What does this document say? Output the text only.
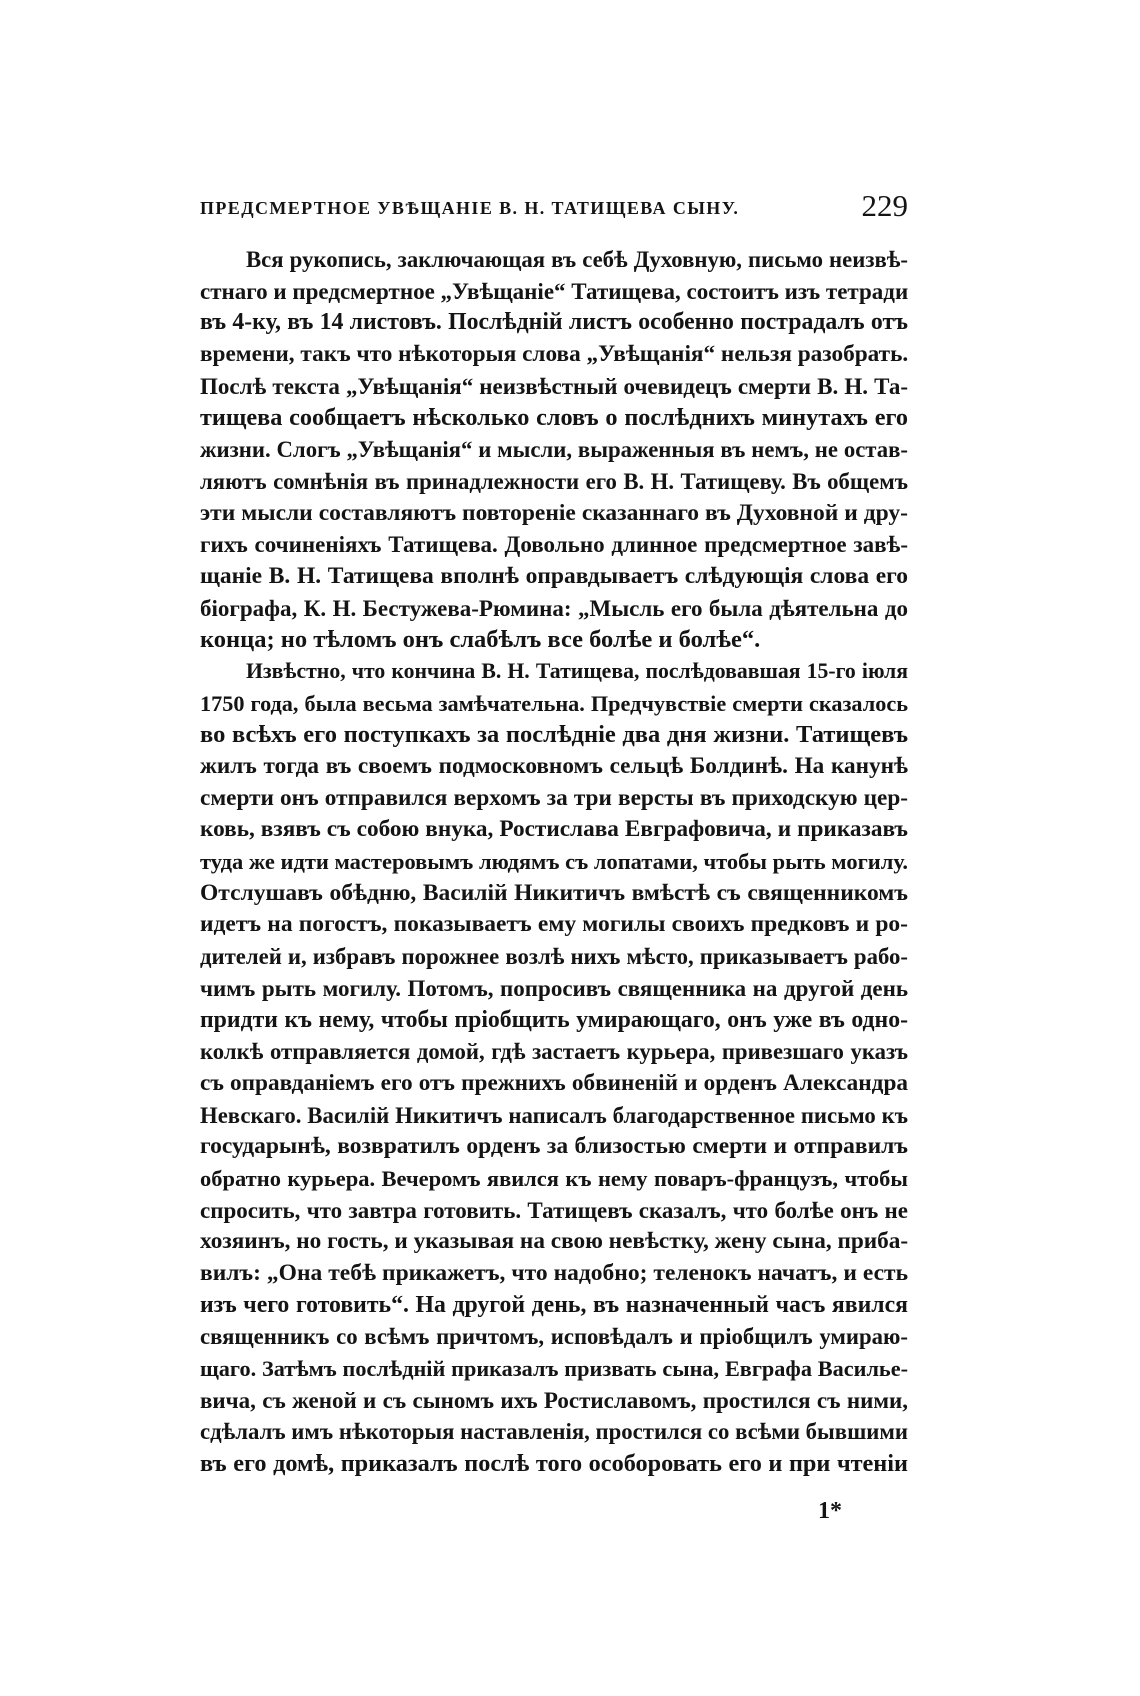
ПРЕДСМЕРТНОЕ УВѢЩАНІЕ В. Н. ТАТИЩЕВА СЫНУ.	229
Вся рукопись, заключающая въ себѣ Духовную, письмо неизвѣ-
стнаго и предсмертное „Увѣщаніе“ Татищева, состоитъ изъ тетради
въ 4-ку, въ 14 листовъ. Послѣдній листъ особенно пострадалъ отъ
времени, такъ что нѣкоторыя слова „Увѣщанія“ нельзя разобрать.
Послѣ текста „Увѣщанія“ неизвѣстный очевидецъ смерти В. Н. Та-
тищева сообщаетъ нѣсколько словъ о послѣднихъ минутахъ его
жизни. Слогъ „Увѣщанія“ и мысли, выраженныя въ немъ, не остав-
ляютъ сомнѣнія въ принадлежности его В. Н. Татищеву. Въ общемъ
эти мысли составляютъ повтореніе сказаннаго въ Духовной и дру-
гихъ сочиненіяхъ Татищева. Довольно длинное предсмертное завѣ-
щаніе В. Н. Татищева вполнѣ оправдываетъ слѣдующія слова его
біографа, К. Н. Бестужева-Рюмина: „Мысль его была дѣятельна до
конца; но тѣломъ онъ слабѣлъ все болѣе и болѣе“.
Извѣстно, что кончина В. Н. Татищева, послѣдовавшая 15-го іюля
1750 года, была весьма замѣчательна. Предчувствіе смерти сказалось
во всѣхъ его поступкахъ за послѣдніе два дня жизни. Татищевъ
жилъ тогда въ своемъ подмосковномъ сельцѣ Болдинѣ. На канунѣ
смерти онъ отправился верхомъ за три версты въ приходскую цер-
ковь, взявъ съ собою внука, Ростислава Евграфовича, и приказавъ
туда же идти мастеровымъ людямъ съ лопатами, чтобы рыть могилу.
Отслушавъ обѣдню, Василій Никитичъ вмѣстѣ съ священникомъ
идетъ на погостъ, показываетъ ему могилы своихъ предковъ и ро-
дителей и, избравъ порожнее возлѣ нихъ мѣсто, приказываетъ рабо-
чимъ рыть могилу. Потомъ, попросивъ священника на другой день
придти къ нему, чтобы пріобщить умирающаго, онъ уже въ одно-
колкѣ отправляется домой, гдѣ застаетъ курьера, привезшаго указъ
съ оправданіемъ его отъ прежнихъ обвиненій и орденъ Александра
Невскаго. Василій Никитичъ написалъ благодарственное письмо къ
государынѣ, возвратилъ орденъ за близостью смерти и отправилъ
обратно курьера. Вечеромъ явился къ нему поваръ-французъ, чтобы
спросить, что завтра готовить. Татищевъ сказалъ, что болѣе онъ не
хозяинъ, но гость, и указывая на свою невѣстку, жену сына, приба-
вилъ: „Она тебѣ прикажетъ, что надобно; теленокъ начатъ, и есть
изъ чего готовить“. На другой день, въ назначенный часъ явился
священникъ со всѣмъ причтомъ, исповѣдалъ и пріобщилъ умираю-
щаго. Затѣмъ послѣдній приказалъ призвать сына, Евграфа Василье-
вича, съ женой и съ сыномъ ихъ Ростиславомъ, простился съ ними,
сдѣлалъ имъ нѣкоторыя наставленія, простился со всѣми бывшими
въ его домѣ, приказалъ послѣ того особоровать его и при чтеніи
1*
